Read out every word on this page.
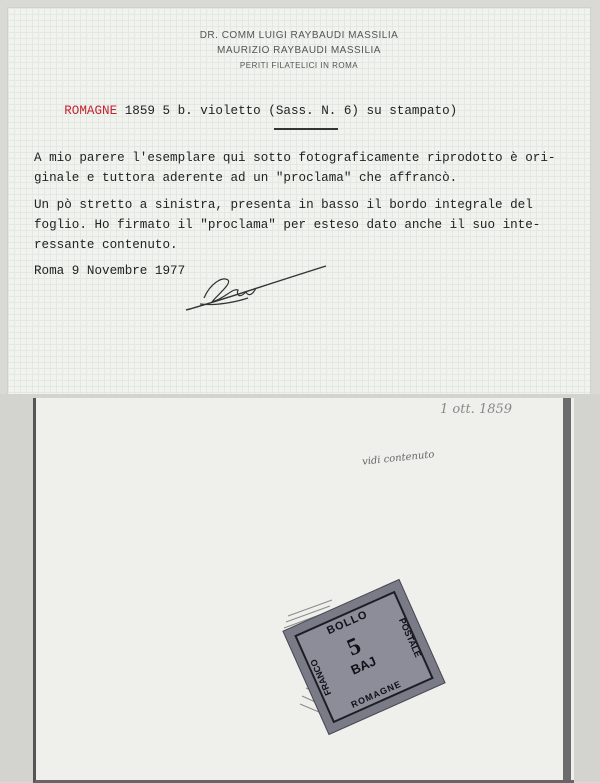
DR. COMM LUIGI RAYBAUDI MASSILIA
MAURIZIO RAYBAUDI MASSILIA
PERITI FILATELICI IN ROMA

ROMAGNE 1859 5 b. violetto (Sass. N. 6) su stampato)

A mio parere l'esemplare qui sotto fotograficamente riprodotto è ori-
ginale e tuttora aderente ad un "proclama" che affrancò.
Un pò stretto a sinistra, presenta in basso il bordo integrale del
foglio. Ho firmato il "proclama" per esteso dato anche il suo inte-
ressante contenuto.
Roma 9 Novembre 1977
1 ott. 1859
vidi contenuto
BOLLO
FRANCO
POSTALE
5
BAJ
ROMAGNE
